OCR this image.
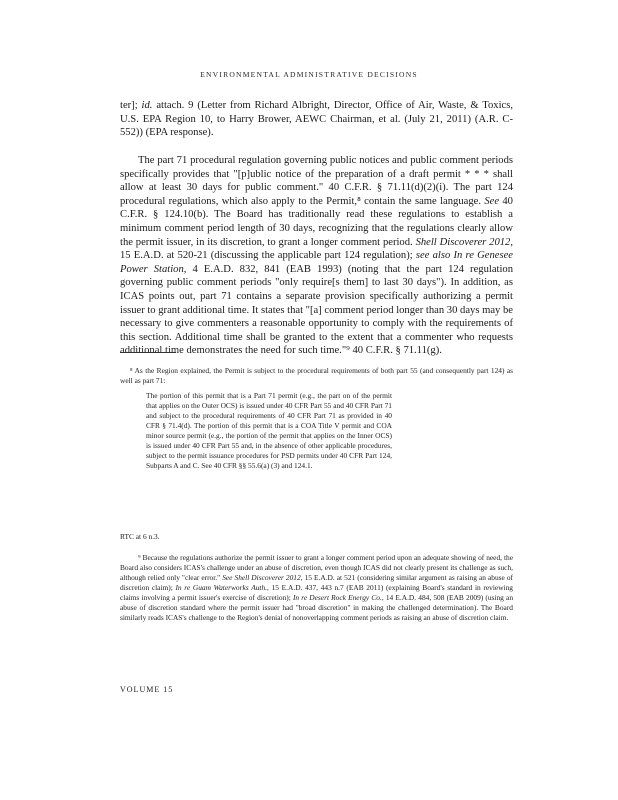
ENVIRONMENTAL ADMINISTRATIVE DECISIONS

ter]; id. attach. 9 (Letter from Richard Albright, Director, Office of Air, Waste, & Toxics, U.S. EPA Region 10, to Harry Brower, AEWC Chairman, et al. (July 21, 2011) (A.R. C-552)) (EPA response).

The part 71 procedural regulation governing public notices and public comment periods specifically provides that "[p]ublic notice of the preparation of a draft permit * * * shall allow at least 30 days for public comment." 40 C.F.R. § 71.11(d)(2)(i). The part 124 procedural regulations, which also apply to the Permit,⁸ contain the same language. See 40 C.F.R. § 124.10(b). The Board has traditionally read these regulations to establish a minimum comment period length of 30 days, recognizing that the regulations clearly allow the permit issuer, in its discretion, to grant a longer comment period. Shell Discoverer 2012, 15 E.A.D. at 520-21 (discussing the applicable part 124 regulation); see also In re Genesee Power Station, 4 E.A.D. 832, 841 (EAB 1993) (noting that the part 124 regulation governing public comment periods "only require[s them] to last 30 days"). In addition, as ICAS points out, part 71 contains a separate provision specifically authorizing a permit issuer to grant additional time. It states that "[a] comment period longer than 30 days may be necessary to give commenters a reasonable opportunity to comply with the requirements of this section. Additional time shall be granted to the extent that a commenter who requests additional time demonstrates the need for such time."⁹ 40 C.F.R. § 71.11(g).

⁸ As the Region explained, the Permit is subject to the procedural requirements of both part 55 (and consequently part 124) as well as part 71:

The portion of this permit that is a Part 71 permit (e.g., the part on of the permit that applies on the Outer OCS) is issued under 40 CFR Part 55 and 40 CFR Part 71 and subject to the procedural requirements of 40 CFR Part 71 as provided in 40 CFR § 71.4(d). The portion of this permit that is a COA Title V permit and COA minor source permit (e.g., the portion of the permit that applies on the Inner OCS) is issued under 40 CFR Part 55 and, in the absence of other applicable procedures, subject to the permit issuance procedures for PSD permits under 40 CFR Part 124, Subparts A and C. See 40 CFR §§ 55.6(a) (3) and 124.1.

RTC at 6 n.3.

⁹ Because the regulations authorize the permit issuer to grant a longer comment period upon an adequate showing of need, the Board also considers ICAS's challenge under an abuse of discretion, even though ICAS did not clearly present its challenge as such, although relied only "clear error." See Shell Discoverer 2012, 15 E.A.D. at 521 (considering similar argument as raising an abuse of discretion claim); In re Guam Waterworks Auth., 15 E.A.D. 437, 443 n.7 (EAB 2011) (explaining Board's standard in reviewing claims involving a permit issuer's exercise of discretion); In re Desert Rock Energy Co., 14 E.A.D. 484, 508 (EAB 2009) (using an abuse of discretion standard where the permit issuer had "broad discretion" in making the challenged determination). The Board similarly reads ICAS's challenge to the Region's denial of nonoverlapping comment periods as raising an abuse of discretion claim.

VOLUME 15
